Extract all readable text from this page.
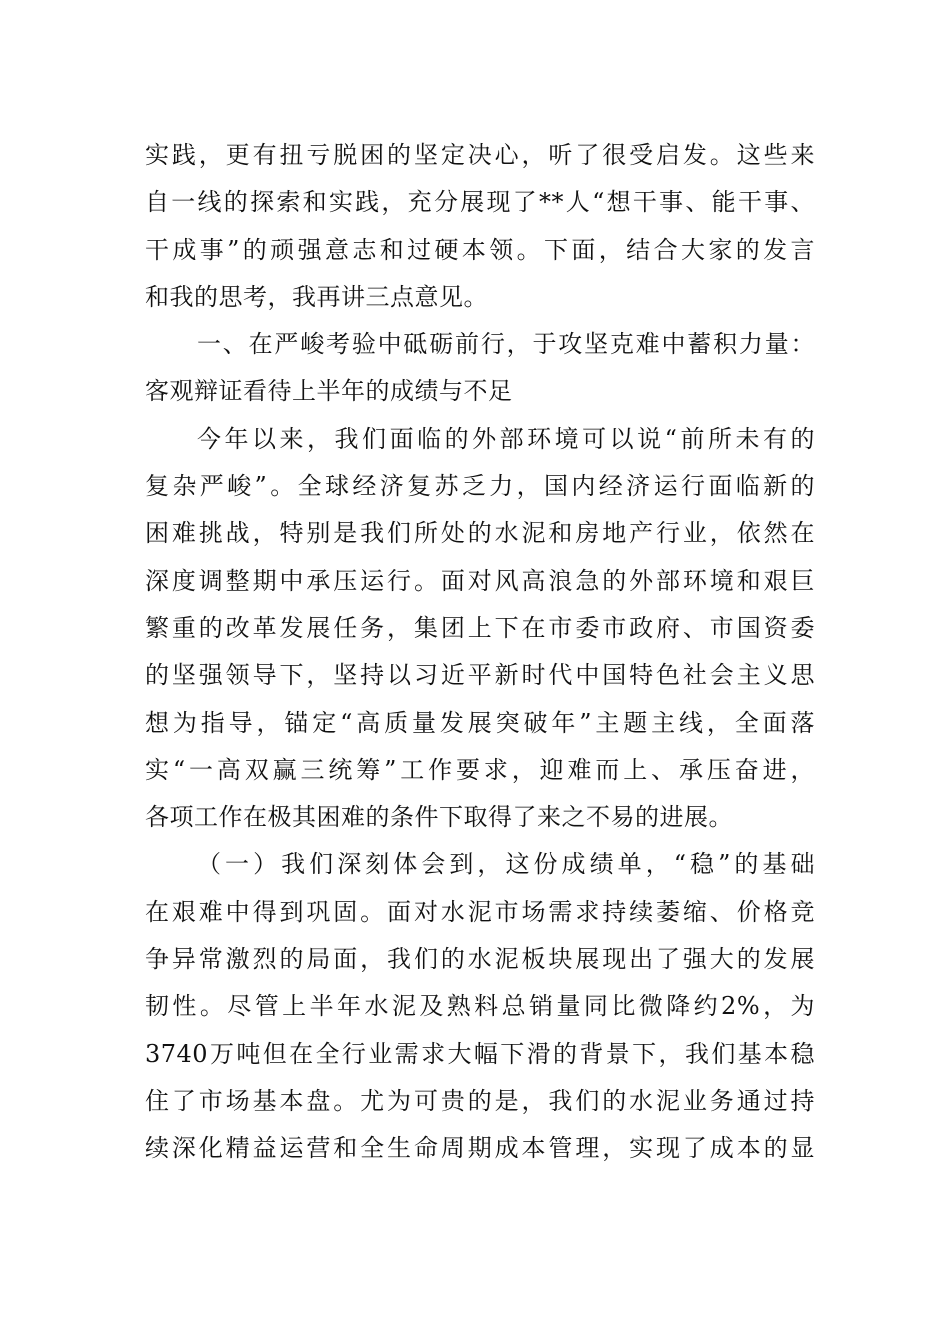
实践，更有扭亏脱困的坚定决心，听了很受启发。这些来
自一线的探索和实践，充分展现了**人“想干事、能干事、
干成事”的顽强意志和过硬本领。下面，结合大家的发言
和我的思考，我再讲三点意见。
一、在严峻考验中砥砺前行，于攻坚克难中蓄积力量：
客观辩证看待上半年的成绩与不足
今年以来，我们面临的外部环境可以说“前所未有的
复杂严峻”。全球经济复苏乏力，国内经济运行面临新的
困难挑战，特别是我们所处的水泥和房地产行业，依然在
深度调整期中承压运行。面对风高浪急的外部环境和艰巨
繁重的改革发展任务，集团上下在市委市政府、市国资委
的坚强领导下，坚持以习近平新时代中国特色社会主义思
想为指导，锚定“高质量发展突破年”主题主线，全面落
实“一高双赢三统筹”工作要求，迎难而上、承压奋进，
各项工作在极其困难的条件下取得了来之不易的进展。
（一）我们深刻体会到，这份成绩单，“稳”的基础
在艰难中得到巩固。面对水泥市场需求持续萎缩、价格竞
争异常激烈的局面，我们的水泥板块展现出了强大的发展
韧性。尽管上半年水泥及熟料总销量同比微降约2%，为
3740万吨但在全行业需求大幅下滑的背景下，我们基本稳
住了市场基本盘。尤为可贵的是，我们的水泥业务通过持
续深化精益运营和全生命周期成本管理，实现了成本的显
